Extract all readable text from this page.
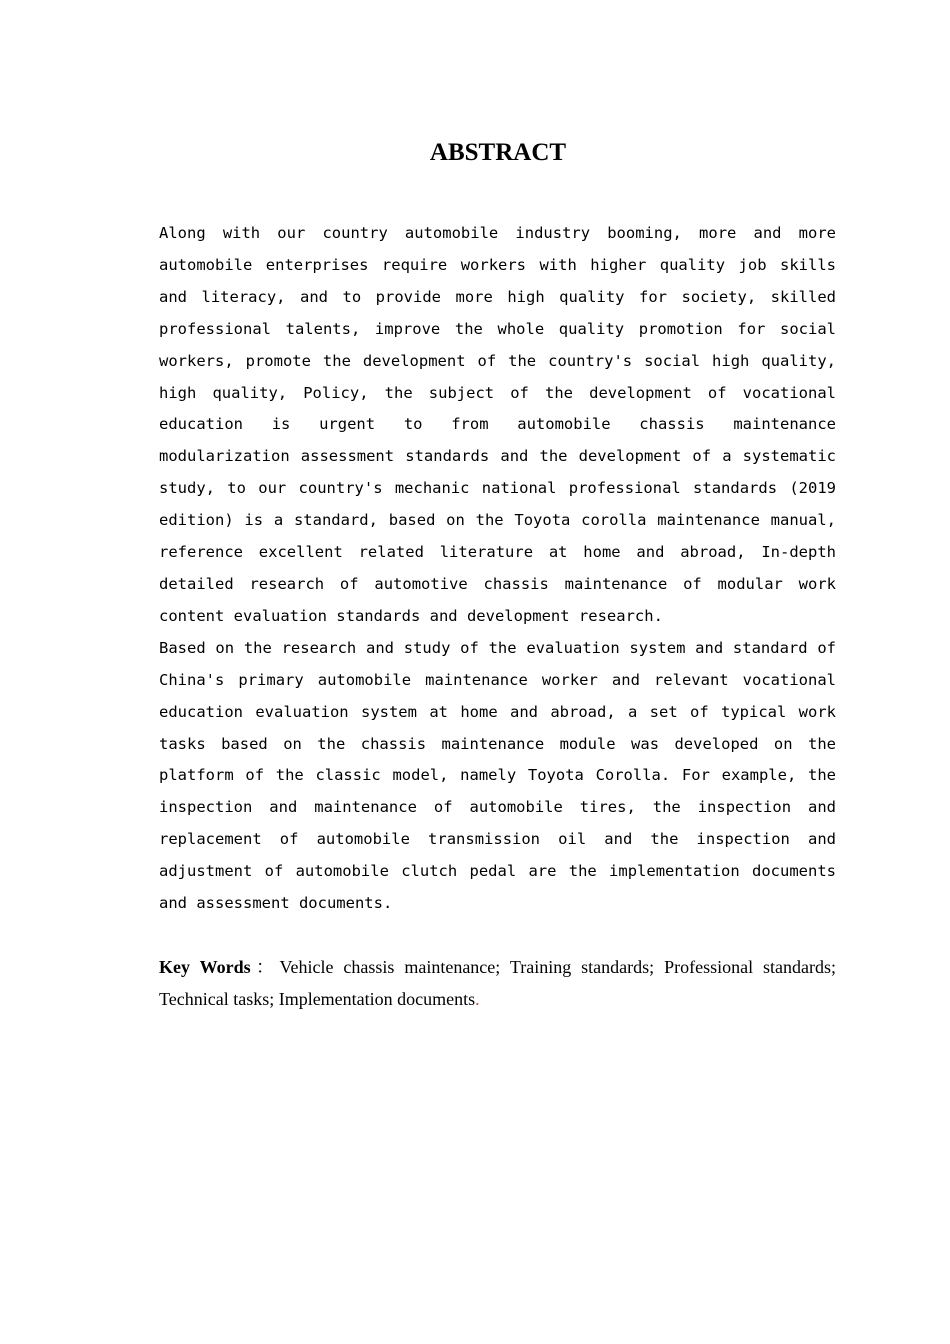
ABSTRACT

Along with our country automobile industry booming, more and more automobile enterprises require workers with higher quality job skills and literacy, and to provide more high quality for society, skilled professional talents, improve the whole quality promotion for social workers, promote the development of the country's social high quality, high quality, Policy, the subject of the development of vocational education is urgent to from automobile chassis maintenance modularization assessment standards and the development of a systematic study, to our country's mechanic national professional standards (2019 edition) is a standard, based on the Toyota corolla maintenance manual, reference excellent related literature at home and abroad, In-depth detailed research of automotive chassis maintenance of modular work content evaluation standards and development research.

Based on the research and study of the evaluation system and standard of China's primary automobile maintenance worker and relevant vocational education evaluation system at home and abroad, a set of typical work tasks based on the chassis maintenance module was developed on the platform of the classic model, namely Toyota Corolla. For example, the inspection and maintenance of automobile tires, the inspection and replacement of automobile transmission oil and the inspection and adjustment of automobile clutch pedal are the implementation documents and assessment documents.

Key Words：Vehicle chassis maintenance; Training standards; Professional standards; Technical tasks; Implementation documents.
